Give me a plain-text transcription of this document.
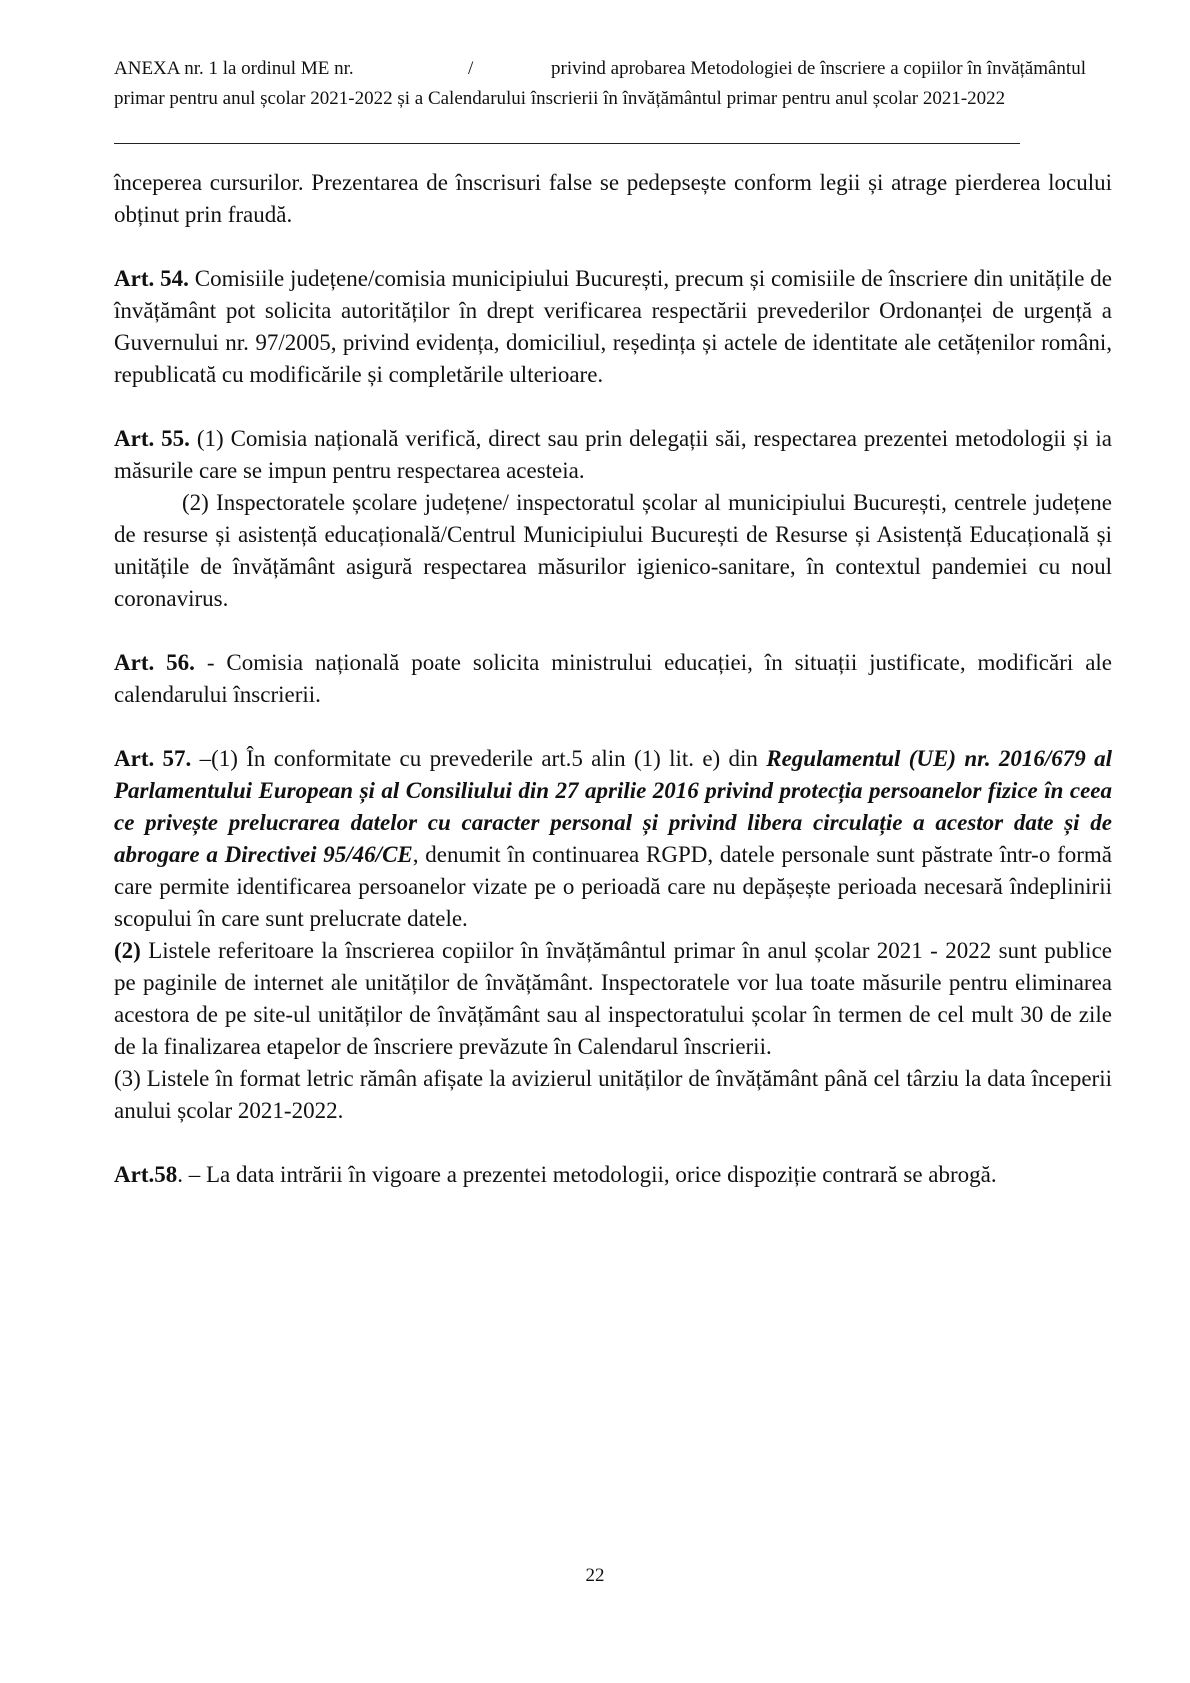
ANEXA nr. 1 la ordinul ME nr.	/	privind aprobarea Metodologiei de înscriere a copiilor în învățământul
primar pentru anul școlar 2021-2022 și a Calendarului înscrierii în învățământul primar pentru anul școlar 2021-2022

începerea cursurilor. Prezentarea de înscrisuri false se pedepsește conform legii și atrage pierderea locului obținut prin fraudă.

Art. 54. Comisiile județene/comisia municipiului București, precum și comisiile de înscriere din unitățile de învățământ pot solicita autorităților în drept verificarea respectării prevederilor Ordonanței de urgență a Guvernului nr. 97/2005, privind evidența, domiciliul, reședința și actele de identitate ale cetățenilor români, republicată cu modificările și completările ulterioare.

Art. 55. (1) Comisia națională verifică, direct sau prin delegații săi, respectarea prezentei metodologii și ia măsurile care se impun pentru respectarea acesteia.

(2) Inspectoratele școlare județene/ inspectoratul școlar al municipiului București, centrele județene de resurse și asistență educațională/Centrul Municipiului București de Resurse și Asistență Educațională și unitățile de învățământ asigură respectarea măsurilor igienico-sanitare, în contextul pandemiei cu noul coronavirus.

Art. 56. - Comisia națională poate solicita ministrului educației, în situații justificate, modificări ale calendarului înscrierii.

Art. 57. –(1) În conformitate cu prevederile art.5 alin (1) lit. e) din Regulamentul (UE) nr. 2016/679 al Parlamentului European și al Consiliului din 27 aprilie 2016 privind protecția persoanelor fizice în ceea ce privește prelucrarea datelor cu caracter personal și privind libera circulație a acestor date și de abrogare a Directivei 95/46/CE, denumit în continuarea RGPD, datele personale sunt păstrate într-o formă care permite identificarea persoanelor vizate pe o perioadă care nu depășește perioada necesară îndeplinirii scopului în care sunt prelucrate datele.

(2) Listele referitoare la înscrierea copiilor în învățământul primar în anul școlar 2021 - 2022 sunt publice pe paginile de internet ale unităților de învățământ. Inspectoratele vor lua toate măsurile pentru eliminarea acestora de pe site-ul unităților de învățământ sau al inspectoratului școlar în termen de cel mult 30 de zile de la finalizarea etapelor de înscriere prevăzute în Calendarul înscrierii.

(3) Listele în format letric rămân afișate la avizierul unităților de învățământ până cel târziu la data începerii anului școlar 2021-2022.

Art.58. – La data intrării în vigoare a prezentei metodologii, orice dispoziție contrară se abrogă.

22
